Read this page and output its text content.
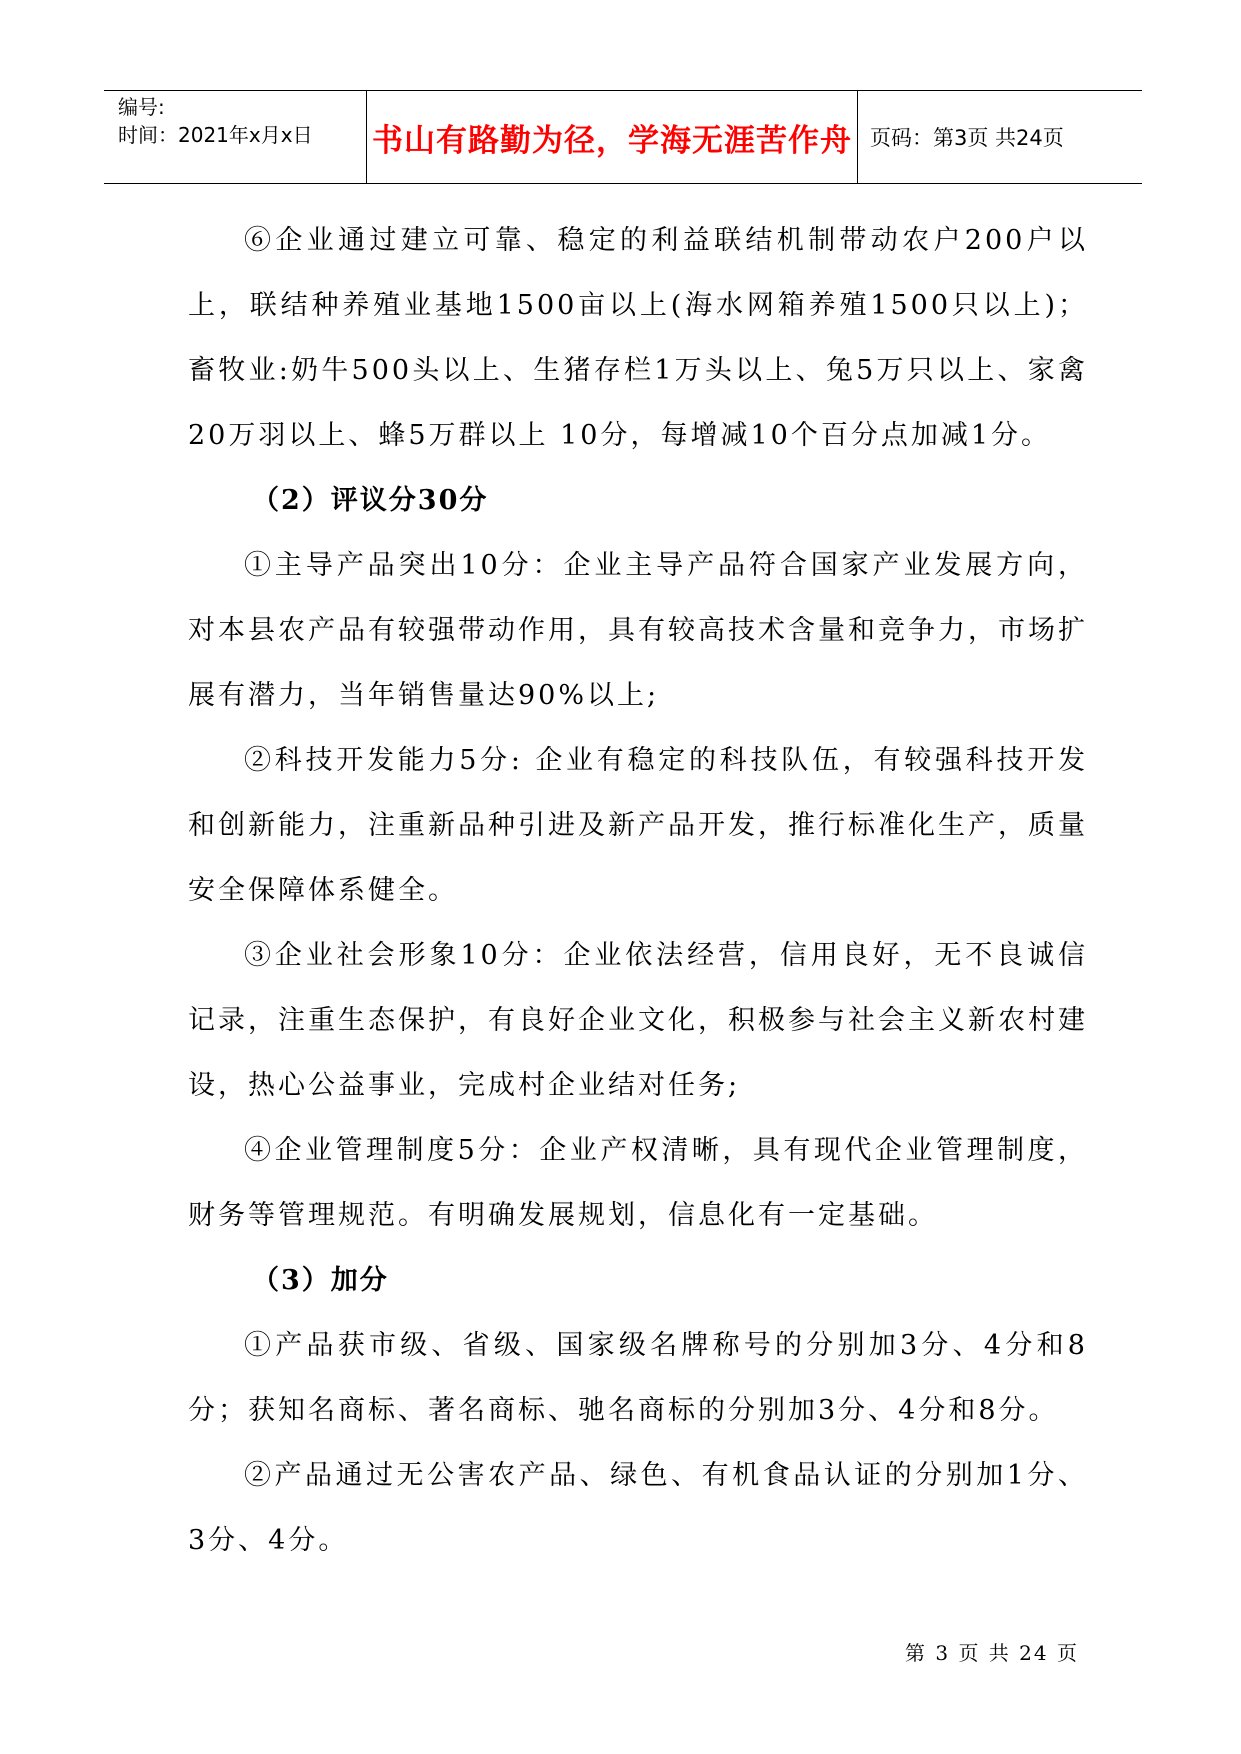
编号:
时间：2021年x月x日	书山有路勤为径，学海无涯苦作舟 页码：第3页 共24页

⑥企业通过建立可靠、稳定的利益联结机制带动农户200户以上，联结种养殖业基地1500亩以上(海水网箱养殖1500只以上)；畜牧业:奶牛500头以上、生猪存栏1万头以上、兔5万只以上、家禽20万羽以上、蜂5万群以上 10分，每增减10个百分点加减1分。

（2）评议分30分

①主导产品突出10分：企业主导产品符合国家产业发展方向，对本县农产品有较强带动作用，具有较高技术含量和竞争力，市场扩展有潜力，当年销售量达90%以上;

②科技开发能力5分: 企业有稳定的科技队伍，有较强科技开发和创新能力，注重新品种引进及新产品开发，推行标准化生产，质量安全保障体系健全。

③企业社会形象10分：企业依法经营，信用良好，无不良诚信记录，注重生态保护，有良好企业文化，积极参与社会主义新农村建设，热心公益事业，完成村企业结对任务;

④企业管理制度5分：企业产权清晰，具有现代企业管理制度，财务等管理规范。有明确发展规划，信息化有一定基础。

（3）加分

①产品获市级、省级、国家级名牌称号的分别加3分、4分和8分；获知名商标、著名商标、驰名商标的分别加3分、4分和8分。

②产品通过无公害农产品、绿色、有机食品认证的分别加1分、3分、4分。

第 3 页 共 24 页
